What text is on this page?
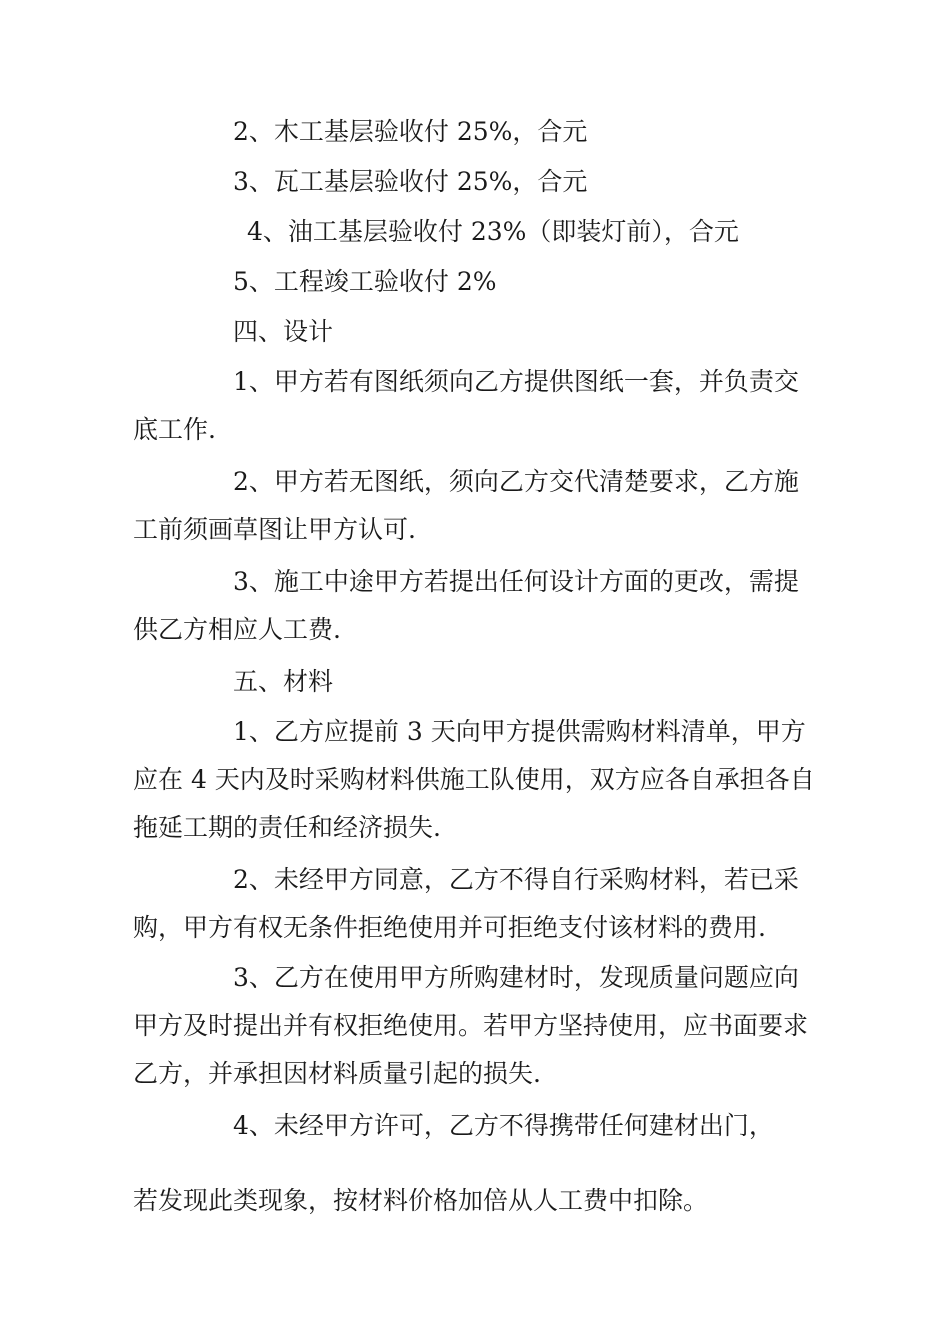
2、木工基层验收付 25%，合元

3、瓦工基层验收付 25%，合元

4、油工基层验收付 23%（即装灯前），合元

5、工程竣工验收付 2%

四、设计

1、甲方若有图纸须向乙方提供图纸一套，并负责交底工作.

2、甲方若无图纸，须向乙方交代清楚要求，乙方施工前须画草图让甲方认可.

3、施工中途甲方若提出任何设计方面的更改，需提供乙方相应人工费.

五、材料

1、乙方应提前 3 天向甲方提供需购材料清单，甲方应在 4 天内及时采购材料供施工队使用，双方应各自承担各自拖延工期的责任和经济损失.

2、未经甲方同意，乙方不得自行采购材料，若已采购，甲方有权无条件拒绝使用并可拒绝支付该材料的费用.

3、乙方在使用甲方所购建材时，发现质量问题应向甲方及时提出并有权拒绝使用。若甲方坚持使用，应书面要求乙方，并承担因材料质量引起的损失.

4、未经甲方许可，乙方不得携带任何建材出门，

若发现此类现象，按材料价格加倍从人工费中扣除。
